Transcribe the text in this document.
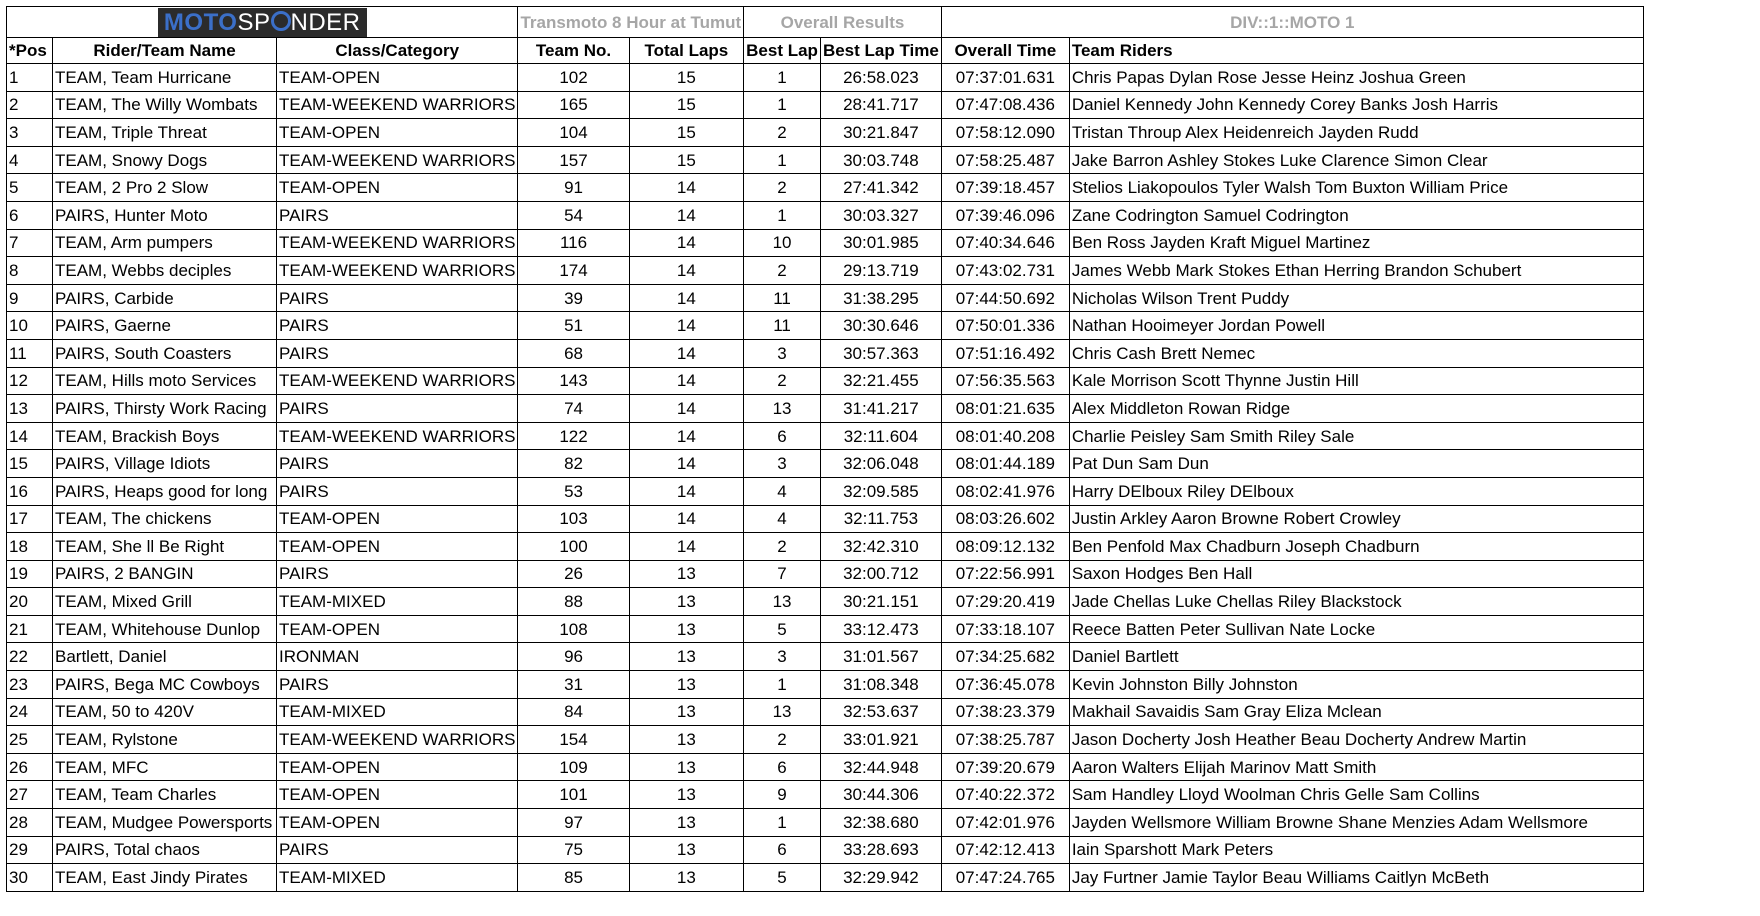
MOTOSP NDER			Transmoto 8 Hour at Tumut		Overall Results		DIV::1::MOTO 1	
*Pos	Rider/Team Name	Class/Category	Team No.	Total Laps	Best Lap	Best Lap Time	Overall Time	Team Riders
1	TEAM, Team Hurricane	TEAM-OPEN	102	15	1	26:58.023	07:37:01.631	Chris Papas Dylan Rose Jesse Heinz Joshua Green
2	TEAM, The Willy Wombats	TEAM-WEEKEND WARRIORS	165	15	1	28:41.717	07:47:08.436	Daniel Kennedy John Kennedy Corey Banks Josh Harris
3	TEAM, Triple Threat	TEAM-OPEN	104	15	2	30:21.847	07:58:12.090	Tristan Throup Alex Heidenreich Jayden Rudd
4	TEAM, Snowy Dogs	TEAM-WEEKEND WARRIORS	157	15	1	30:03.748	07:58:25.487	Jake Barron Ashley Stokes Luke Clarence Simon Clear
5	TEAM, 2 Pro 2 Slow	TEAM-OPEN	91	14	2	27:41.342	07:39:18.457	Stelios Liakopoulos Tyler Walsh Tom Buxton William Price
6	PAIRS, Hunter Moto	PAIRS	54	14	1	30:03.327	07:39:46.096	Zane Codrington Samuel Codrington
7	TEAM, Arm pumpers	TEAM-WEEKEND WARRIORS	116	14	10	30:01.985	07:40:34.646	Ben Ross Jayden Kraft Miguel Martinez
8	TEAM, Webbs deciples	TEAM-WEEKEND WARRIORS	174	14	2	29:13.719	07:43:02.731	James Webb Mark Stokes Ethan Herring Brandon Schubert
9	PAIRS, Carbide	PAIRS	39	14	11	31:38.295	07:44:50.692	Nicholas Wilson Trent Puddy
10	PAIRS, Gaerne	PAIRS	51	14	11	30:30.646	07:50:01.336	Nathan Hooimeyer Jordan Powell
11	PAIRS, South Coasters	PAIRS	68	14	3	30:57.363	07:51:16.492	Chris Cash Brett Nemec
12	TEAM, Hills moto Services	TEAM-WEEKEND WARRIORS	143	14	2	32:21.455	07:56:35.563	Kale Morrison Scott Thynne Justin Hill
13	PAIRS, Thirsty Work Racing	PAIRS	74	14	13	31:41.217	08:01:21.635	Alex Middleton Rowan Ridge
14	TEAM, Brackish Boys	TEAM-WEEKEND WARRIORS	122	14	6	32:11.604	08:01:40.208	Charlie Peisley Sam Smith Riley Sale
15	PAIRS, Village Idiots	PAIRS	82	14	3	32:06.048	08:01:44.189	Pat Dun Sam Dun
16	PAIRS, Heaps good for long	PAIRS	53	14	4	32:09.585	08:02:41.976	Harry DElboux Riley DElboux
17	TEAM, The chickens	TEAM-OPEN	103	14	4	32:11.753	08:03:26.602	Justin Arkley Aaron Browne Robert Crowley
18	TEAM, She ll Be Right	TEAM-OPEN	100	14	2	32:42.310	08:09:12.132	Ben Penfold Max Chadburn Joseph Chadburn
19	PAIRS, 2 BANGIN	PAIRS	26	13	7	32:00.712	07:22:56.991	Saxon Hodges Ben Hall
20	TEAM, Mixed Grill	TEAM-MIXED	88	13	13	30:21.151	07:29:20.419	Jade Chellas Luke Chellas Riley Blackstock
21	TEAM, Whitehouse Dunlop	TEAM-OPEN	108	13	5	33:12.473	07:33:18.107	Reece Batten Peter Sullivan Nate Locke
22	Bartlett, Daniel	IRONMAN	96	13	3	31:01.567	07:34:25.682	Daniel Bartlett
23	PAIRS, Bega MC Cowboys	PAIRS	31	13	1	31:08.348	07:36:45.078	Kevin Johnston Billy Johnston
24	TEAM, 50 to 420V	TEAM-MIXED	84	13	13	32:53.637	07:38:23.379	Makhail Savaidis Sam Gray Eliza Mclean
25	TEAM, Rylstone	TEAM-WEEKEND WARRIORS	154	13	2	33:01.921	07:38:25.787	Jason Docherty Josh Heather Beau Docherty Andrew Martin
26	TEAM, MFC	TEAM-OPEN	109	13	6	32:44.948	07:39:20.679	Aaron Walters Elijah Marinov Matt Smith
27	TEAM, Team Charles	TEAM-OPEN	101	13	9	30:44.306	07:40:22.372	Sam Handley Lloyd Woolman Chris Gelle Sam Collins
28	TEAM, Mudgee Powersports	TEAM-OPEN	97	13	1	32:38.680	07:42:01.976	Jayden Wellsmore William Browne Shane Menzies Adam Wellsmore
29	PAIRS, Total chaos	PAIRS	75	13	6	33:28.693	07:42:12.413	Iain Sparshott Mark Peters
30	TEAM, East Jindy Pirates	TEAM-MIXED	85	13	5	32:29.942	07:47:24.765	Jay Furtner Jamie Taylor Beau Williams Caitlyn McBeth
